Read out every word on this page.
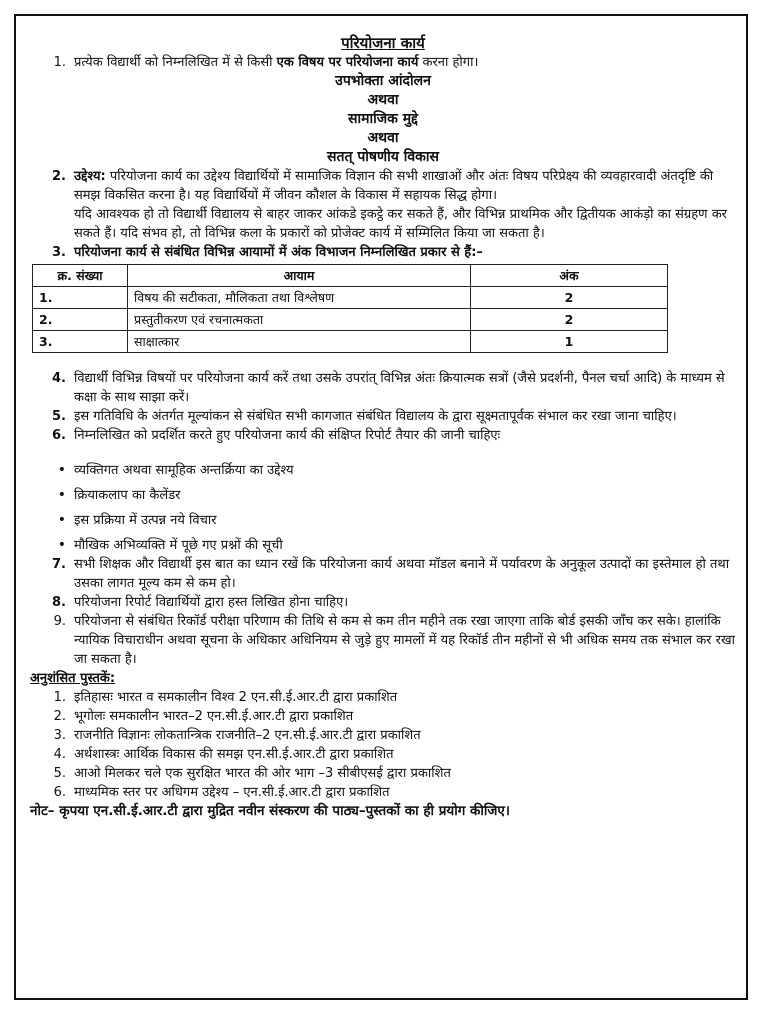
परियोजना कार्य
1. प्रत्येक विद्यार्थी को निम्नलिखित में से किसी एक विषय पर परियोजना कार्य करना होगा।
उपभोक्ता आंदोलन
अथवा
सामाजिक मुद्दे
अथवा
सतत् पोषणीय विकास
2. उद्देश्य: परियोजना कार्य का उद्देश्य विद्यार्थियों में सामाजिक विज्ञान की सभी शाखाओं और अंतः विषय परिप्रेक्ष्य की व्यवहारवादी अंतदृष्टि की समझ विकसित करना है। यह विद्यार्थियों में जीवन कौशल के विकास में सहायक सिद्ध होगा।
यदि आवश्यक हो तो विद्यार्थी विद्यालय से बाहर जाकर आंकडे इकट्ठे कर सकते हैं, और विभिन्न प्राथमिक और द्वितीयक आकंड़ो का संग्रहण कर सकते हैं। यदि संभव हो, तो विभिन्न कला के प्रकारों को प्रोजेक्ट कार्य में सम्मिलित किया जा सकता है।
3. परियोजना कार्य से संबंधित विभिन्न आयामों में अंक विभाजन निम्नलिखित प्रकार से हैं:–
क्र. संख्या	आयाम	अंक
1.	विषय की सटीकता, मौलिकता तथा विश्लेषण	2
2.	प्रस्तुतीकरण एवं रचनात्मकता	2
3.	साक्षात्कार	1
4. विद्यार्थी विभिन्न विषयों पर परियोजना कार्य करें तथा उसके उपरांत् विभिन्न अंतः क्रियात्मक सत्रों (जैसे प्रदर्शनी, पैनल चर्चा आदि) के माध्यम से कक्षा के साथ साझा करें।
5. इस गतिविधि के अंतर्गत मूल्यांकन से संबंधित सभी कागजात संबंधित विद्यालय के द्वारा सूक्ष्मतापूर्वक संभाल कर रखा जाना चाहिए।
6. निम्नलिखित को प्रदर्शित करते हुए परियोजना कार्य की संक्षिप्त रिपोर्ट तैयार की जानी चाहिएः
• व्यक्तिगत अथवा सामूहिक अन्तर्क्रिया का उद्देश्य
• क्रियाकलाप का कैलेंडर
• इस प्रक्रिया में उत्पन्न नये विचार
• मौखिक अभिव्यक्ति में पूछे गए प्रश्नों की सूची
7. सभी शिक्षक और विद्यार्थी इस बात का ध्यान रखें कि परियोजना कार्य अथवा मॉडल बनाने में पर्यावरण के अनुकूल उत्पादों का इस्तेमाल हो तथा उसका लागत मूल्य कम से कम हो।
8. परियोजना रिपोर्ट विद्यार्थियों द्वारा हस्त लिखित होना चाहिए।
9. परियोजना से संबंधित रिकॉर्ड परीक्षा परिणाम की तिथि से कम से कम तीन महीने तक रखा जाएगा ताकि बोर्ड इसकी जाँच कर सके। हालांकि न्यायिक विचाराधीन अथवा सूचना के अधिकार अधिनियम से जुड़े हुए मामलों में यह रिकॉर्ड तीन महीनों से भी अधिक समय तक संभाल कर रखा जा सकता है।
अनुशंसित पुस्तकें:
1. इतिहासः भारत व समकालीन विश्व 2 एन.सी.ई.आर.टी द्वारा प्रकाशित
2. भूगोलः समकालीन भारत–2 एन.सी.ई.आर.टी द्वारा प्रकाशित
3. राजनीति विज्ञानः लोकतान्त्रिक राजनीति–2 एन.सी.ई.आर.टी द्वारा प्रकाशित
4. अर्थशास्त्रः आर्थिक विकास की समझ एन.सी.ई.आर.टी द्वारा प्रकाशित
5. आओ मिलकर चले एक सुरक्षित भारत की ओर भाग –3 सीबीएसई द्वारा प्रकाशित
6. माध्यमिक स्तर पर अधिगम उद्देश्य – एन.सी.ई.आर.टी द्वारा प्रकाशित
नोट– कृपया एन.सी.ई.आर.टी द्वारा मुद्रित नवीन संस्करण की पाठ्य–पुस्तकों का ही प्रयोग कीजिए।
